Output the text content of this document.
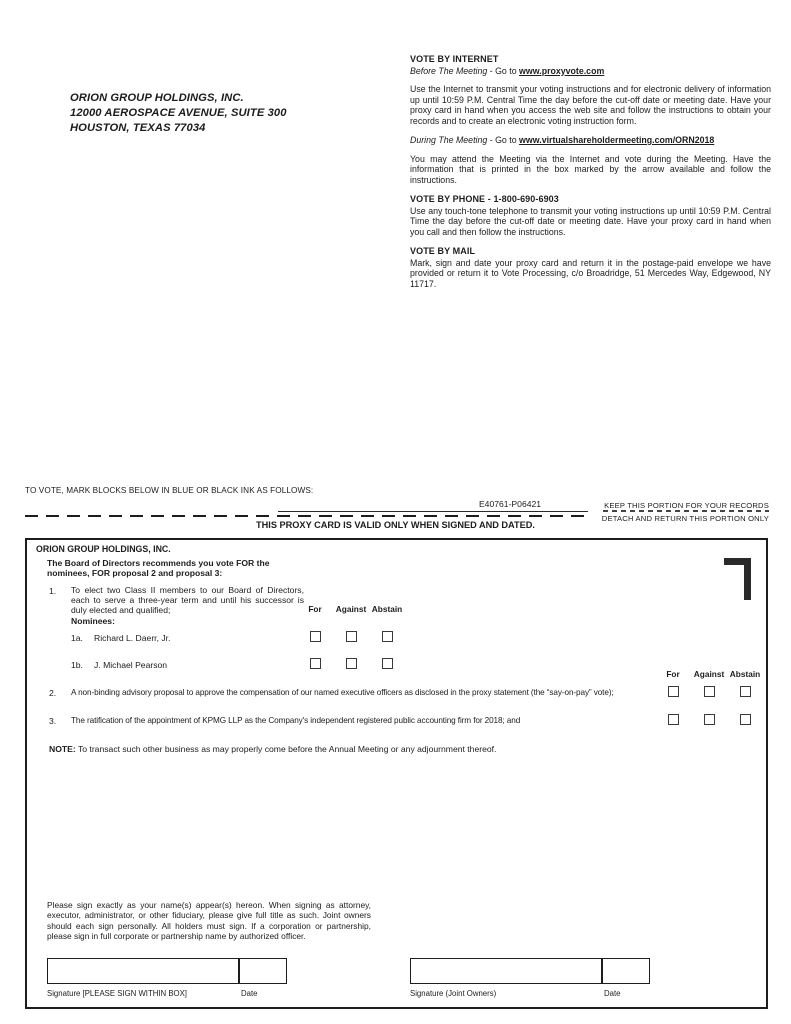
ORION GROUP HOLDINGS, INC.
12000 AEROSPACE AVENUE, SUITE 300
HOUSTON, TEXAS 77034
VOTE BY INTERNET
Before The Meeting - Go to www.proxyvote.com

Use the Internet to transmit your voting instructions and for electronic delivery of information up until 10:59 P.M. Central Time the day before the cut-off date or meeting date. Have your proxy card in hand when you access the web site and follow the instructions to obtain your records and to create an electronic voting instruction form.

During The Meeting - Go to www.virtualshareholdermeeting.com/ORN2018

You may attend the Meeting via the Internet and vote during the Meeting. Have the information that is printed in the box marked by the arrow available and follow the instructions.

VOTE BY PHONE - 1-800-690-6903

Use any touch-tone telephone to transmit your voting instructions up until 10:59 P.M. Central Time the day before the cut-off date or meeting date. Have your proxy card in hand when you call and then follow the instructions.

VOTE BY MAIL

Mark, sign and date your proxy card and return it in the postage-paid envelope we have provided or return it to Vote Processing, c/o Broadridge, 51 Mercedes Way, Edgewood, NY 11717.

TO VOTE, MARK BLOCKS BELOW IN BLUE OR BLACK INK AS FOLLOWS:
E40761-P06421	KEEP THIS PORTION FOR YOUR RECORDS
DETACH AND RETURN THIS PORTION ONLY
THIS PROXY CARD IS VALID ONLY WHEN SIGNED AND DATED.
ORION GROUP HOLDINGS, INC.
The Board of Directors recommends you vote FOR the nominees, FOR proposal 2 and proposal 3:
1. To elect two Class II members to our Board of Directors, each to serve a three-year term and until his successor is duly elected and qualified;	For	Against Abstain
Nominees:
1a. Richard L. Daerr, Jr.
1b. J. Michael Pearson
For	Against Abstain
2. A non-binding advisory proposal to approve the compensation of our named executive officers as disclosed in the proxy statement (the “say-on-pay” vote);
3. The ratification of the appointment of KPMG LLP as the Company's independent registered public accounting firm for 2018; and
NOTE: To transact such other business as may properly come before the Annual Meeting or any adjournment thereof.
Please sign exactly as your name(s) appear(s) hereon. When signing as attorney, executor, administrator, or other fiduciary, please give full title as such. Joint owners should each sign personally. All holders must sign. If a corporation or partnership, please sign in full corporate or partnership name by authorized officer.
Signature [PLEASE SIGN WITHIN BOX]	Date	Signature (Joint Owners)	Date
